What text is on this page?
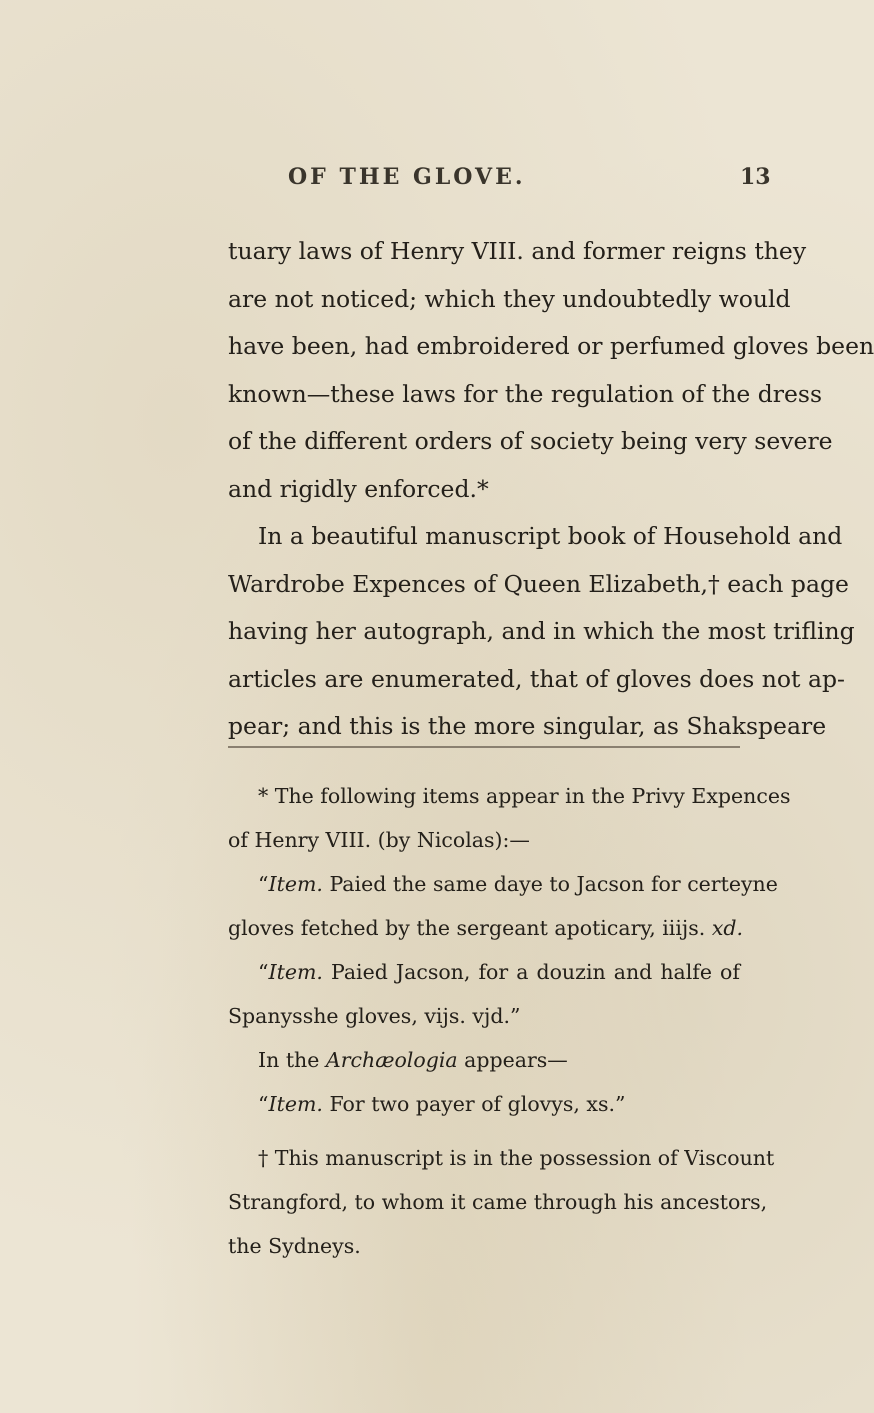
OF THE GLOVE.	13
tuary laws of Henry VIII. and former reigns they
are not noticed; which they undoubtedly would
have been, had embroidered or perfumed gloves been
known—these laws for the regulation of the dress
of the different orders of society being very severe
and rigidly enforced.*
In a beautiful manuscript book of Household and
Wardrobe Expences of Queen Elizabeth,† each page
having her autograph, and in which the most trifling
articles are enumerated, that of gloves does not ap-
pear; and this is the more singular, as Shakspeare
* The following items appear in the Privy Expences
of Henry VIII. (by Nicolas):—
“Item. Paied the same daye to Jacson for certeyne
gloves fetched by the sergeant apoticary, iiijs. xd.
“Item. Paied Jacson, for a douzin and halfe of
Spanysshe gloves, vijs. vjd.”
In the Archæologia appears—
“Item. For two payer of glovys, xs.”
† This manuscript is in the possession of Viscount
Strangford, to whom it came through his ancestors,
the Sydneys.
